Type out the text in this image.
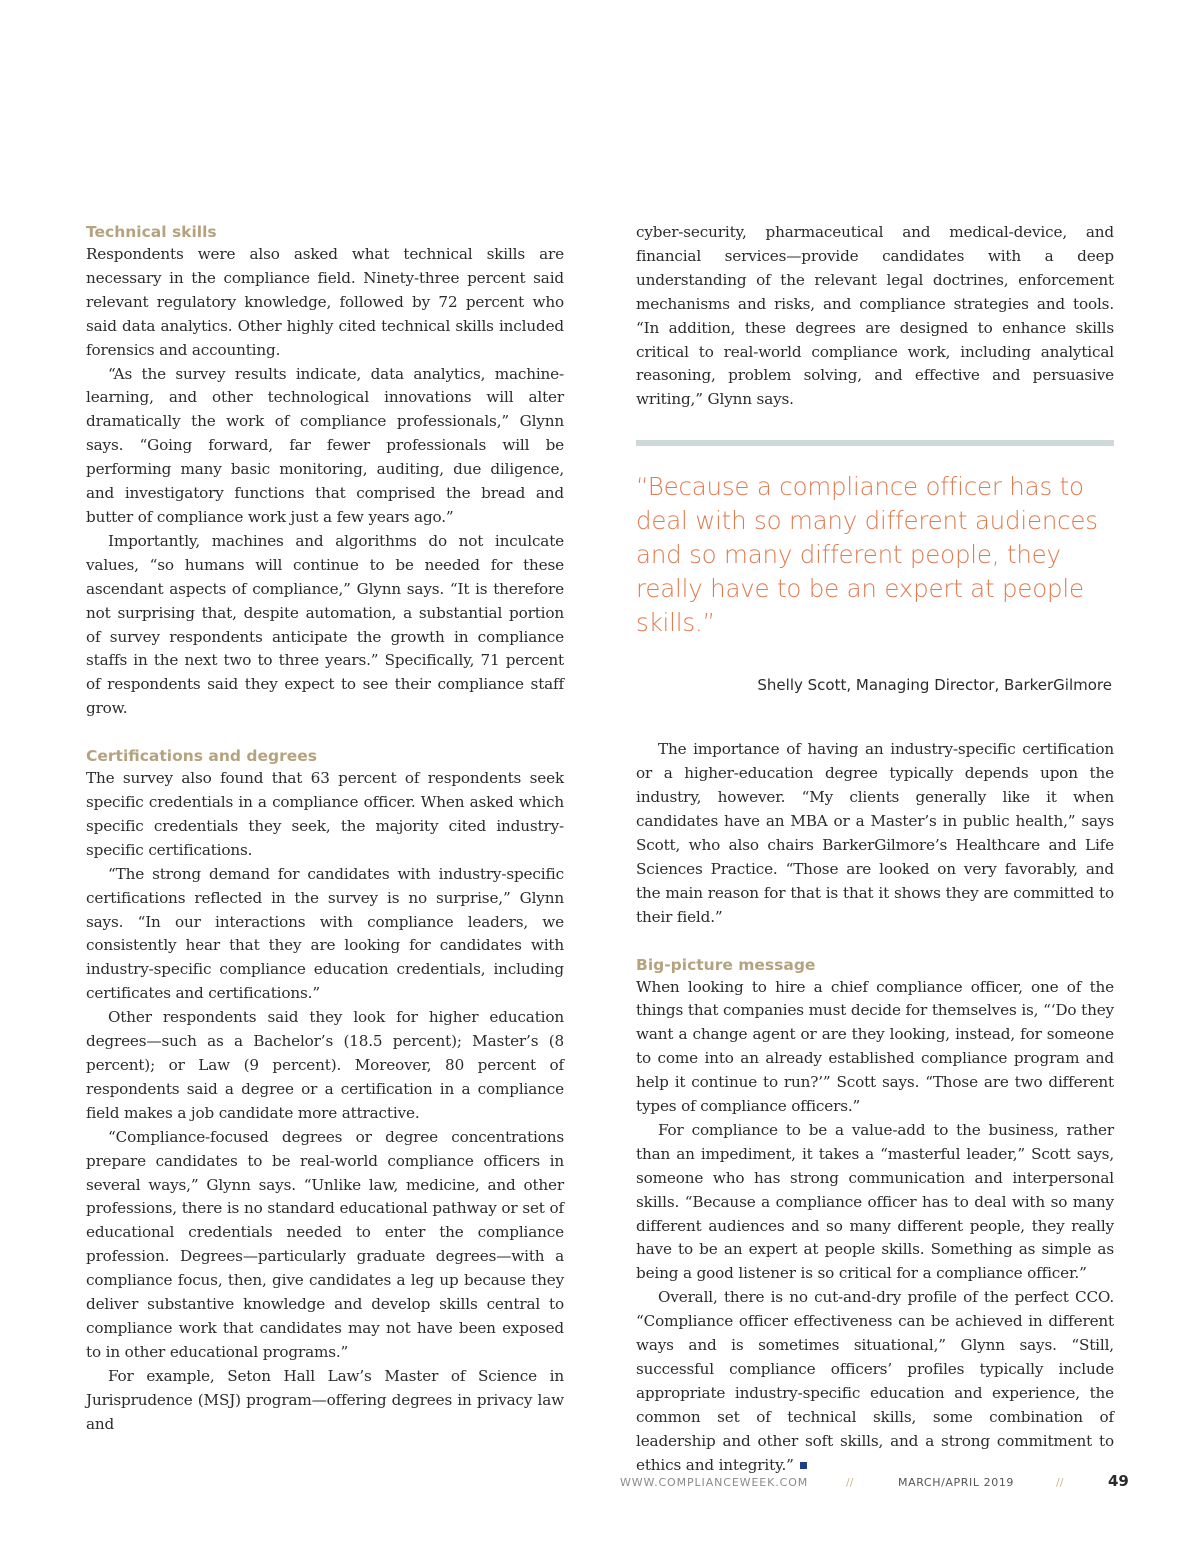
Technical skills

Respondents were also asked what technical skills are necessary in the compliance field. Ninety-three percent said relevant regulatory knowledge, followed by 72 percent who said data analytics. Other highly cited technical skills included forensics and accounting.

“As the survey results indicate, data analytics, machine-learning, and other technological innovations will alter dramatically the work of compliance professionals,” Glynn says. “Going forward, far fewer professionals will be performing many basic monitoring, auditing, due diligence, and investigatory functions that comprised the bread and butter of compliance work just a few years ago.”

Importantly, machines and algorithms do not inculcate values, “so humans will continue to be needed for these ascendant aspects of compliance,” Glynn says. “It is therefore not surprising that, despite automation, a substantial portion of survey respondents anticipate the growth in compliance staffs in the next two to three years.” Specifically, 71 percent of respondents said they expect to see their compliance staff grow.

Certifications and degrees

The survey also found that 63 percent of respondents seek specific credentials in a compliance officer. When asked which specific credentials they seek, the majority cited industry-specific certifications.

“The strong demand for candidates with industry-specific certifications reflected in the survey is no surprise,” Glynn says. “In our interactions with compliance leaders, we consistently hear that they are looking for candidates with industry-specific compliance education credentials, including certificates and certifications.”

Other respondents said they look for higher education degrees—such as a Bachelor’s (18.5 percent); Master’s (8 percent); or Law (9 percent). Moreover, 80 percent of respondents said a degree or a certification in a compliance field makes a job candidate more attractive.

“Compliance-focused degrees or degree concentrations prepare candidates to be real-world compliance officers in several ways,” Glynn says. “Unlike law, medicine, and other professions, there is no standard educational pathway or set of educational credentials needed to enter the compliance profession. Degrees—particularly graduate degrees—with a compliance focus, then, give candidates a leg up because they deliver substantive knowledge and develop skills central to compliance work that candidates may not have been exposed to in other educational programs.”

For example, Seton Hall Law’s Master of Science in Jurisprudence (MSJ) program—offering degrees in privacy law and

cyber-security, pharmaceutical and medical-device, and financial services—provide candidates with a deep understanding of the relevant legal doctrines, enforcement mechanisms and risks, and compliance strategies and tools. “In addition, these degrees are designed to enhance skills critical to real-world compliance work, including analytical reasoning, problem solving, and effective and persuasive writing,” Glynn says.

“Because a compliance officer has to deal with so many different audiences and so many different people, they really have to be an expert at people skills.”

Shelly Scott, Managing Director, BarkerGilmore

The importance of having an industry-specific certification or a higher-education degree typically depends upon the industry, however. “My clients generally like it when candidates have an MBA or a Master’s in public health,” says Scott, who also chairs BarkerGilmore’s Healthcare and Life Sciences Practice. “Those are looked on very favorably, and the main reason for that is that it shows they are committed to their field.”

Big-picture message

When looking to hire a chief compliance officer, one of the things that companies must decide for themselves is, “‘Do they want a change agent or are they looking, instead, for someone to come into an already established compliance program and help it continue to run?’” Scott says. “Those are two different types of compliance officers.”

For compliance to be a value-add to the business, rather than an impediment, it takes a “masterful leader,” Scott says, someone who has strong communication and interpersonal skills. “Because a compliance officer has to deal with so many different audiences and so many different people, they really have to be an expert at people skills. Something as simple as being a good listener is so critical for a compliance officer.”

Overall, there is no cut-and-dry profile of the perfect CCO. “Compliance officer effectiveness can be achieved in different ways and is sometimes situational,” Glynn says. “Still, successful compliance officers’ profiles typically include appropriate industry-specific education and experience, the common set of technical skills, some combination of leadership and other soft skills, and a strong commitment to ethics and integrity.”

WWW.COMPLIANCEWEEK.COM	//	MARCH/APRIL 2019	//	49
